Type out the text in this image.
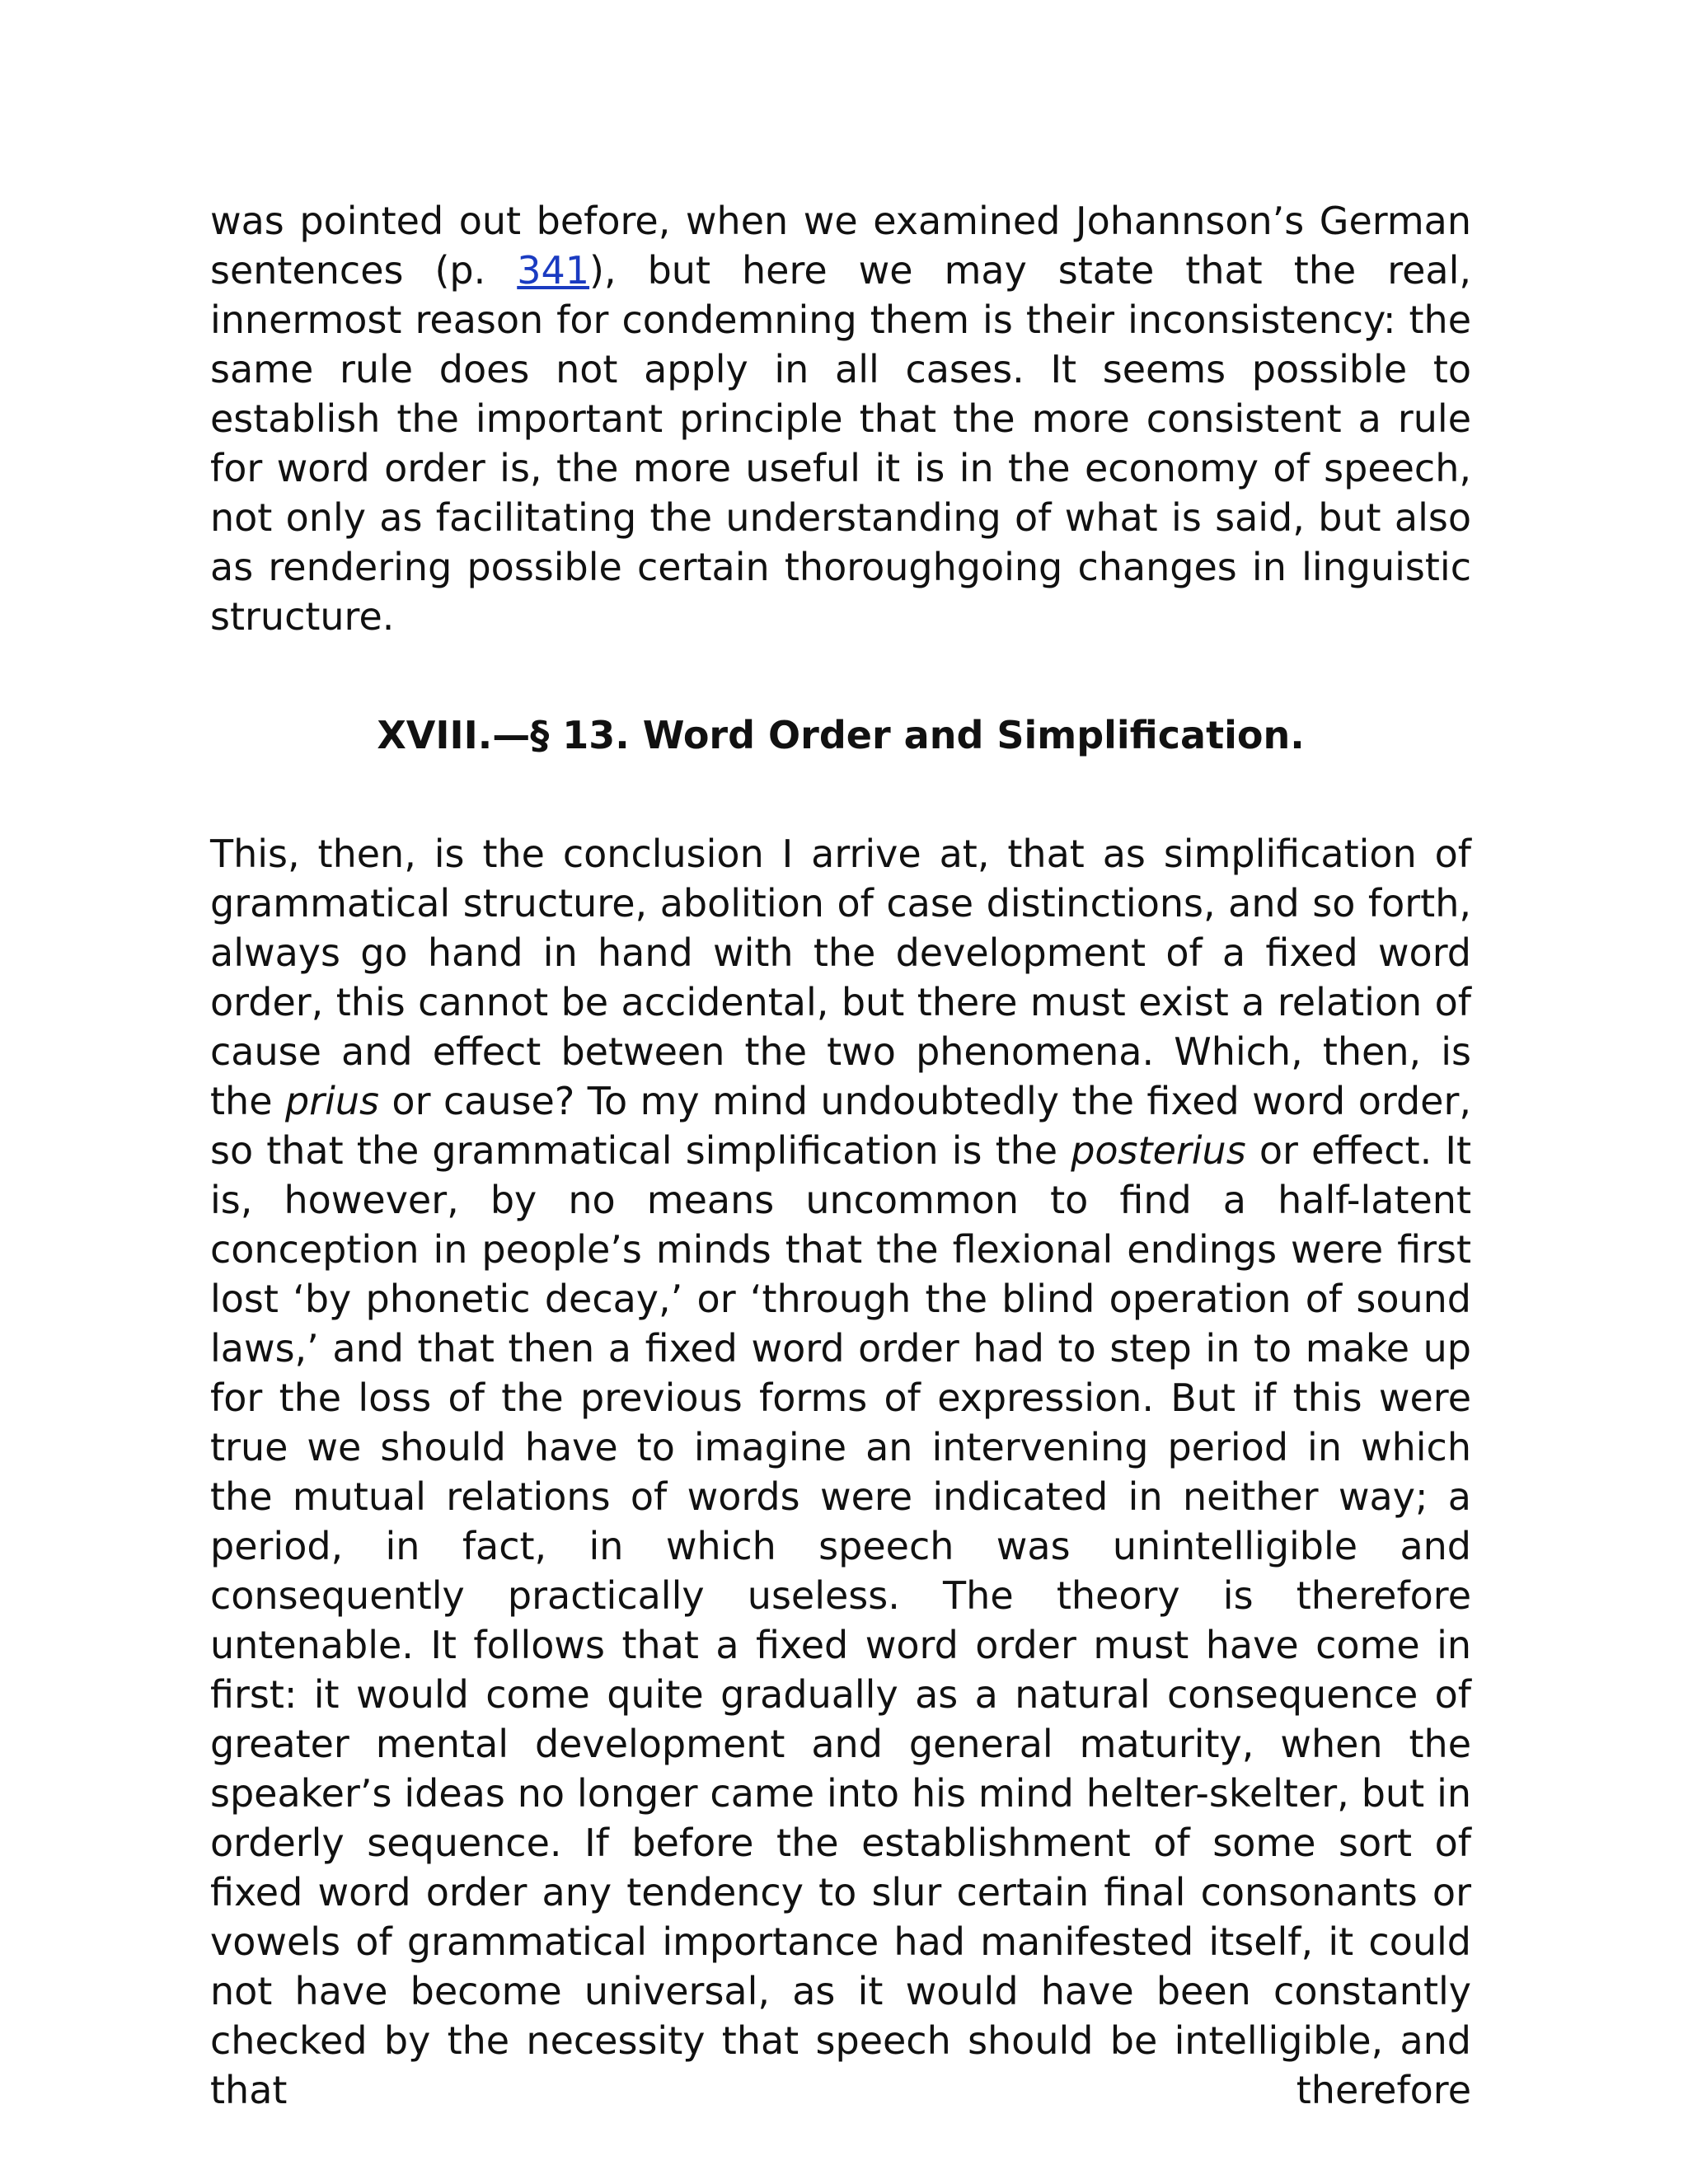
was pointed out before, when we examined Johannson’s German sentences (p. 341), but here we may state that the real, innermost reason for condemning them is their inconsistency: the same rule does not apply in all cases. It seems possible to establish the important principle that the more consistent a rule for word order is, the more useful it is in the economy of speech, not only as facilitating the understanding of what is said, but also as rendering possible certain thoroughgoing changes in linguistic structure.

XVIII.—§ 13. Word Order and Simplification.

This, then, is the conclusion I arrive at, that as simplification of grammatical structure, abolition of case distinctions, and so forth, always go hand in hand with the development of a fixed word order, this cannot be accidental, but there must exist a relation of cause and effect between the two phenomena. Which, then, is the prius or cause? To my mind undoubtedly the fixed word order, so that the grammatical simplification is the posterius or effect. It is, however, by no means uncommon to find a half-latent conception in people’s minds that the flexional endings were first lost ‘by phonetic decay,’ or ‘through the blind operation of sound laws,’ and that then a fixed word order had to step in to make up for the loss of the previous forms of expression. But if this were true we should have to imagine an intervening period in which the mutual relations of words were indicated in neither way; a period, in fact, in which speech was unintelligible and consequently practically useless. The theory is therefore untenable. It follows that a fixed word order must have come in first: it would come quite gradually as a natural consequence of greater mental development and general maturity, when the speaker’s ideas no longer came into his mind helter-skelter, but in orderly sequence. If before the establishment of some sort of fixed word order any tendency to slur certain final consonants or vowels of grammatical importance had manifested itself, it could not have become universal, as it would have been constantly checked by the necessity that speech should be intelligible, and that therefore
